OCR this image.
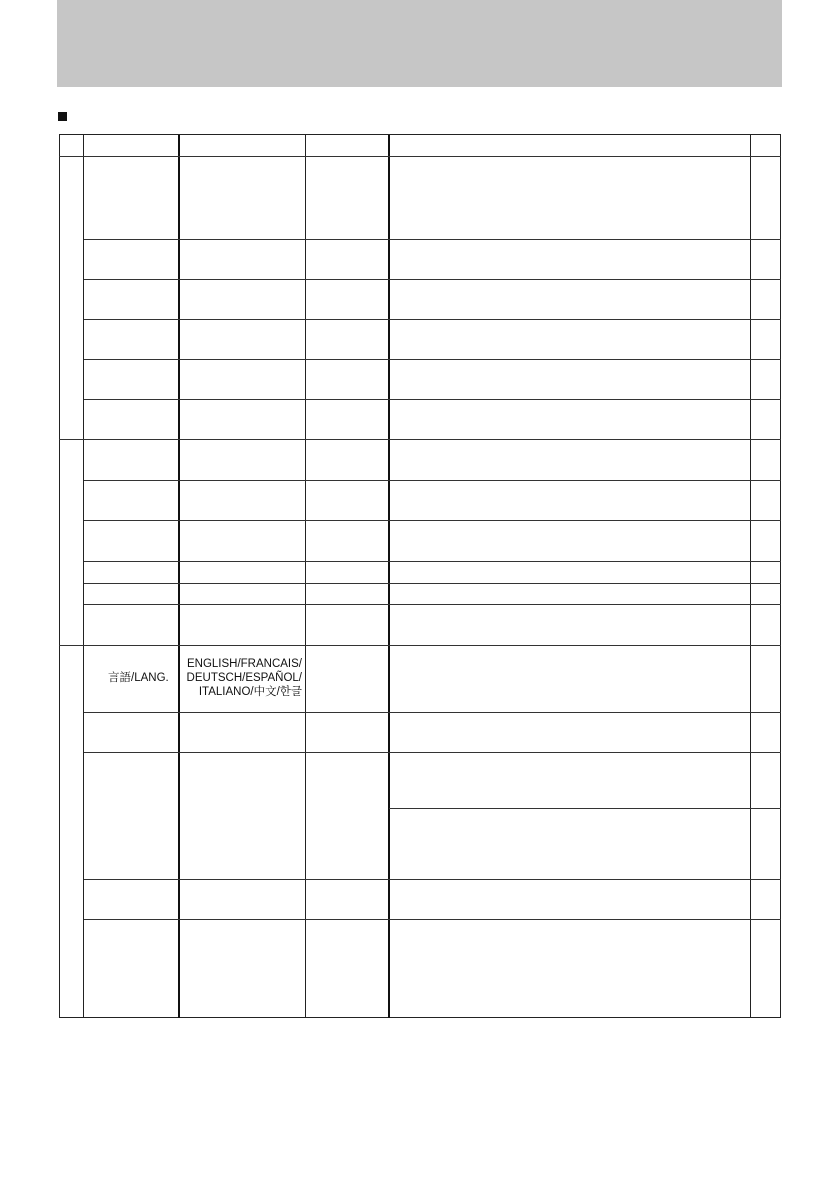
言語/LANG.
ENGLISH/FRANCAIS/
DEUTSCH/ESPAÑOL/
ITALIANO/中文/한글
